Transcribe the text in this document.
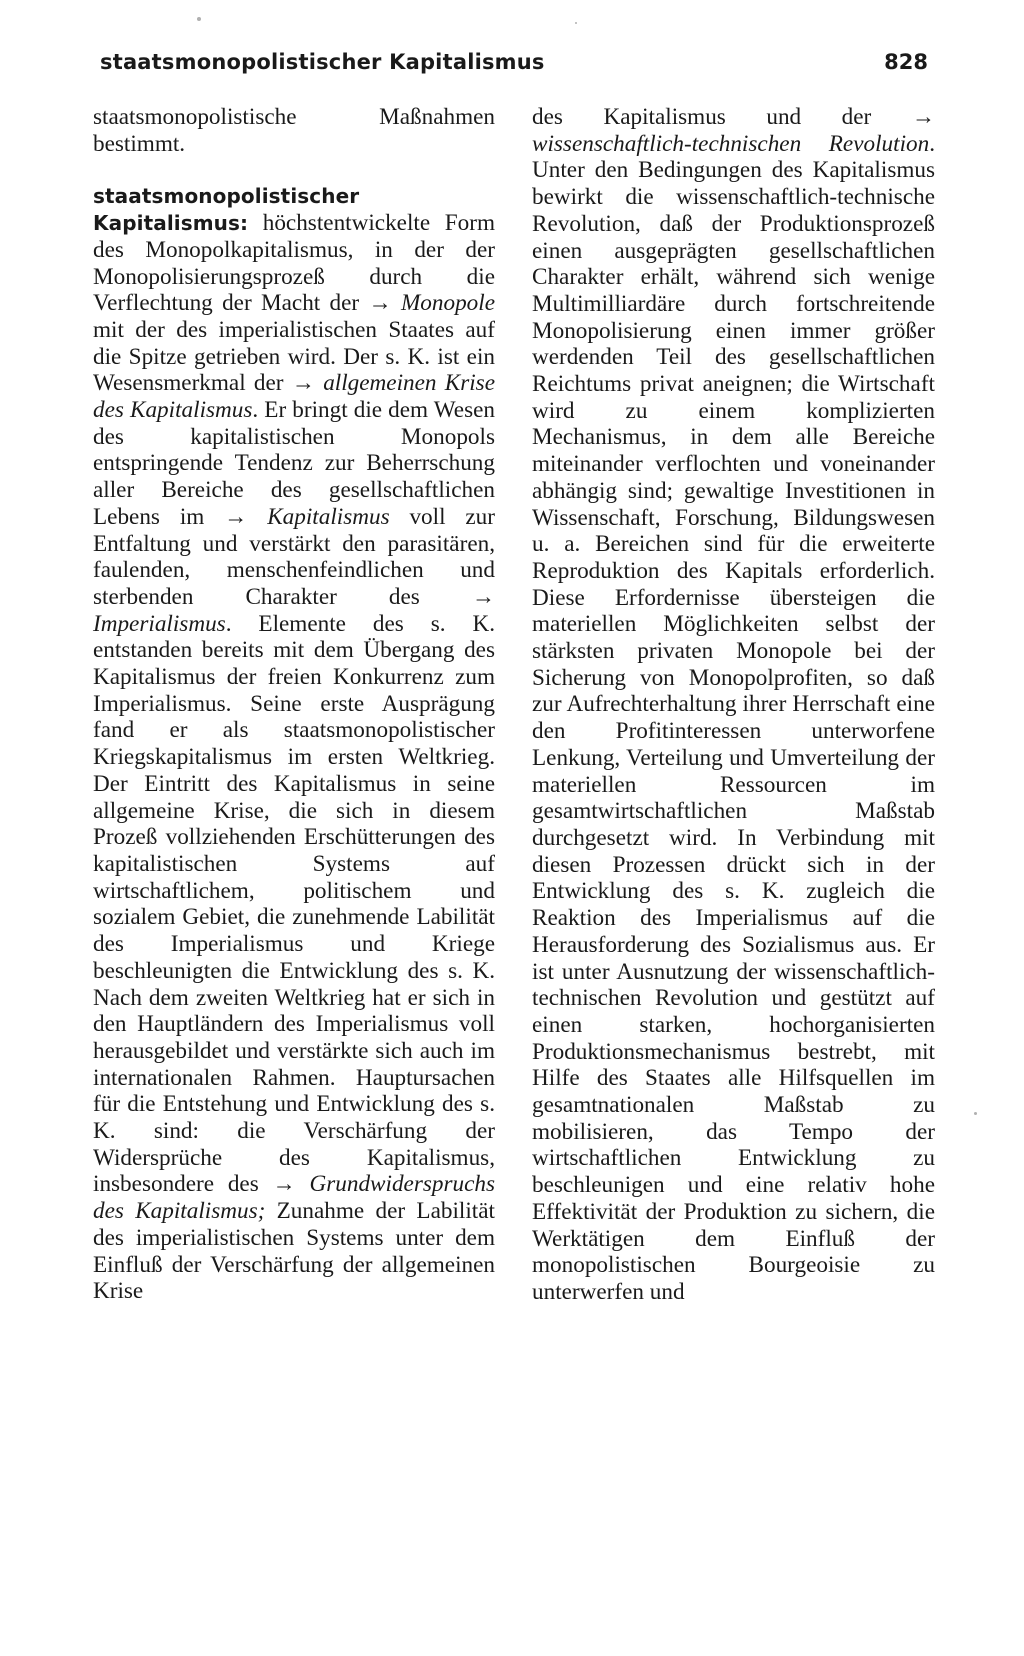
staatsmonopolistischer Kapitalismus	828

staatsmonopolistische Maßnahmen bestimmt.

staatsmonopolistischer Kapitalismus: höchstentwickelte Form des Monopolkapitalismus, in der der Monopolisierungsprozeß durch die Verflechtung der Macht der → Monopole mit der des imperialistischen Staates auf die Spitze getrieben wird. Der s. K. ist ein Wesensmerkmal der → allgemeinen Krise des Kapitalismus. Er bringt die dem Wesen des kapitalistischen Monopols entspringende Tendenz zur Beherrschung aller Bereiche des gesellschaftlichen Lebens im → Kapitalismus voll zur Entfaltung und verstärkt den parasitären, faulenden, menschenfeindlichen und sterbenden Charakter des → Imperialismus. Elemente des s. K. entstanden bereits mit dem Übergang des Kapitalismus der freien Konkurrenz zum Imperialismus. Seine erste Ausprägung fand er als staatsmonopolistischer Kriegskapitalismus im ersten Weltkrieg. Der Eintritt des Kapitalismus in seine allgemeine Krise, die sich in diesem Prozeß vollziehenden Erschütterungen des kapitalistischen Systems auf wirtschaftlichem, politischem und sozialem Gebiet, die zunehmende Labilität des Imperialismus und Kriege beschleunigten die Entwicklung des s. K. Nach dem zweiten Weltkrieg hat er sich in den Hauptländern des Imperialismus voll herausgebildet und verstärkte sich auch im internationalen Rahmen. Hauptursachen für die Entstehung und Entwicklung des s. K. sind: die Verschärfung der Widersprüche des Kapitalismus, insbesondere des → Grundwiderspruchs des Kapitalismus; Zunahme der Labilität des imperialistischen Systems unter dem Einfluß der Verschärfung der allgemeinen Krise

des Kapitalismus und der → wissenschaftlich-technischen Revolution. Unter den Bedingungen des Kapitalismus bewirkt die wissenschaftlich-technische Revolution, daß der Produktionsprozeß einen ausgeprägten gesellschaftlichen Charakter erhält, während sich wenige Multimilliardäre durch fortschreitende Monopolisierung einen immer größer werdenden Teil des gesellschaftlichen Reichtums privat aneignen; die Wirtschaft wird zu einem komplizierten Mechanismus, in dem alle Bereiche miteinander verflochten und voneinander abhängig sind; gewaltige Investitionen in Wissenschaft, Forschung, Bildungswesen u. a. Bereichen sind für die erweiterte Reproduktion des Kapitals erforderlich. Diese Erfordernisse übersteigen die materiellen Möglichkeiten selbst der stärksten privaten Monopole bei der Sicherung von Monopolprofiten, so daß zur Aufrechterhaltung ihrer Herrschaft eine den Profitinteressen unterworfene Lenkung, Verteilung und Umverteilung der materiellen Ressourcen im gesamtwirtschaftlichen Maßstab durchgesetzt wird. In Verbindung mit diesen Prozessen drückt sich in der Entwicklung des s. K. zugleich die Reaktion des Imperialismus auf die Herausforderung des Sozialismus aus. Er ist unter Ausnutzung der wissenschaftlich-technischen Revolution und gestützt auf einen starken, hochorganisierten Produktionsmechanismus bestrebt, mit Hilfe des Staates alle Hilfsquellen im gesamtnationalen Maßstab zu mobilisieren, das Tempo der wirtschaftlichen Entwicklung zu beschleunigen und eine relativ hohe Effektivität der Produktion zu sichern, die Werktätigen dem Einfluß der monopolistischen Bourgeoisie zu unterwerfen und
